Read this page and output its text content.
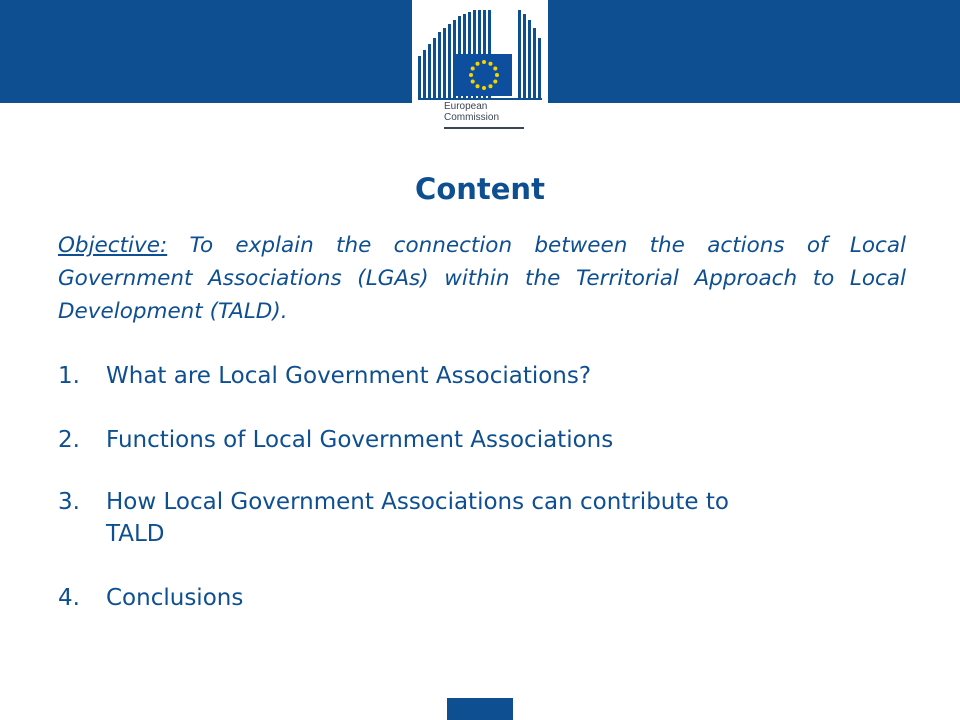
European
Commission
Content

Objective: To explain the connection between the actions of Local Government Associations (LGAs) within the Territorial Approach to Local Development (TALD).

1.	What are Local Government Associations?
2.	Functions of Local Government Associations
3.	How Local Government Associations can contribute to
TALD
4.	Conclusions
